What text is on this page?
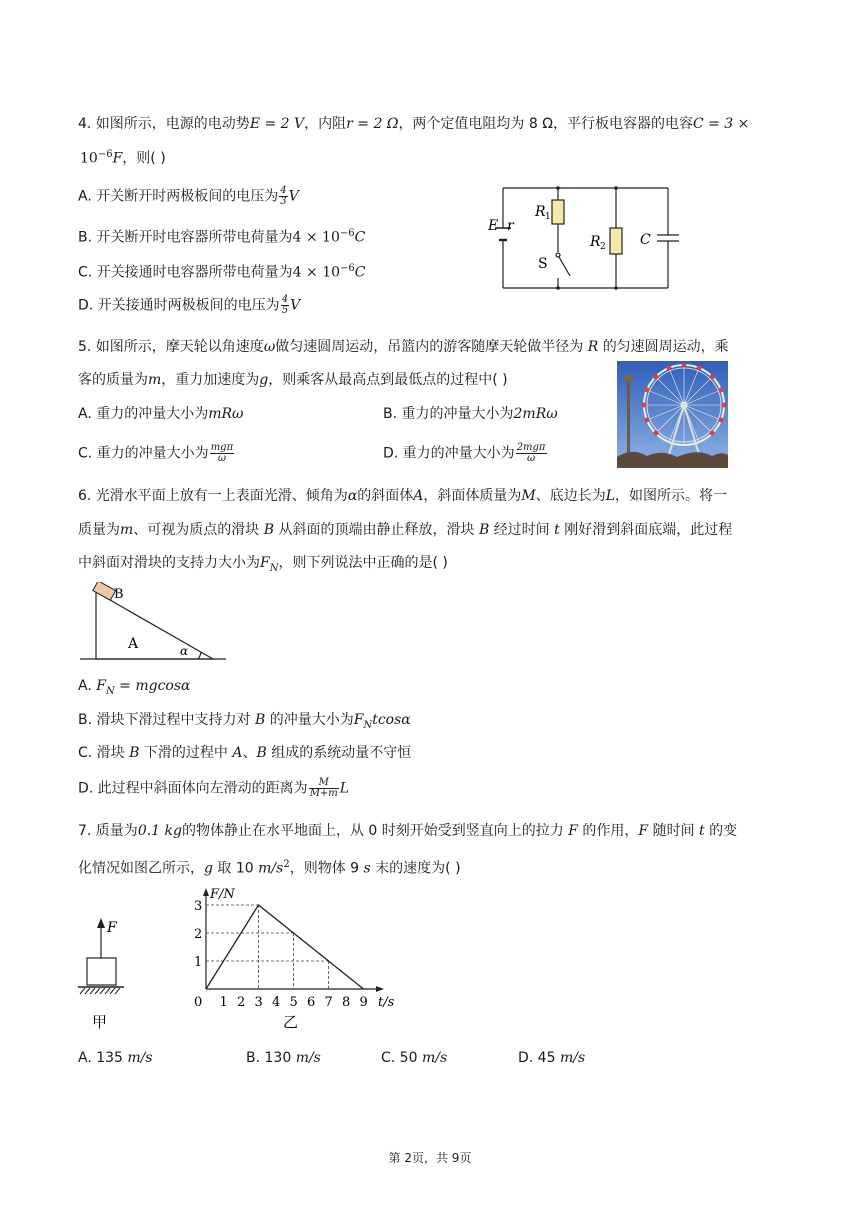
4. 如图所示，电源的电动势E = 2 V，内阻r = 2 Ω，两个定值电阻均为 8 Ω，平行板电容器的电容C = 3 ×
$10^{-6}F$，则( )
A. 开关断开时两极板间的电压为 $\frac{4}{3}$ V
B. 开关断开时电容器所带电荷量为$4 \times 10^{-6}C$
C. 开关接通时电容器所带电荷量为$4 \times 10^{-6}C$
D. 开关接通时两极板间的电压为 $\frac{4}{5}$ V
E r
R 1
R 2
S
C
5. 如图所示，摩天轮以角速度ω做匀速圆周运动，吊篮内的游客随摩天轮做半径为 R 的匀速圆周运动，乘
客的质量为m，重力加速度为g，则乘客从最高点到最低点的过程中( )
A. 重力的冲量大小为mRω	B. 重力的冲量大小为2mRω
C. 重力的冲量大小为 $\frac{\text{mgπ}}{\omega}$	D. 重力的冲量大小为 $\frac{\text{2mgπ}}{\omega}$
6. 光滑水平面上放有一上表面光滑、倾角为α的斜面体A，斜面体质量为M、底边长为L，如图所示。将一
质量为m、可视为质点的滑块 B 从斜面的顶端由静止释放，滑块 B 经过时间 t 刚好滑到斜面底端，此过程
中斜面对滑块的支持力大小为$F_N$，则下列说法中正确的是( )
B
A	α
A. $F_N = mgcos\alpha$
B. 滑块下滑过程中支持力对 B 的冲量大小为$F_Ntcos\alpha$
C. 滑块 B 下滑的过程中 A、B 组成的系统动量不守恒
D. 此过程中斜面体向左滑动的距离为 $\frac{M}{M+m}$ L
7. 质量为0.1 kg的物体静止在水平地面上，从 0 时刻开始受到竖直向上的拉力 F 的作用，F 随时间 t 的变
化情况如图乙所示，g 取 10 $m/s^2$，则物体 9 s 末的速度为( )
F
甲
1
2
3
0 1 2 3 4 5 6 7 8 9
F/N
t/s
乙
A. 135 m/s	B. 130 m/s	C. 50 m/s	D. 45 m/s
第 2页，共 9页
